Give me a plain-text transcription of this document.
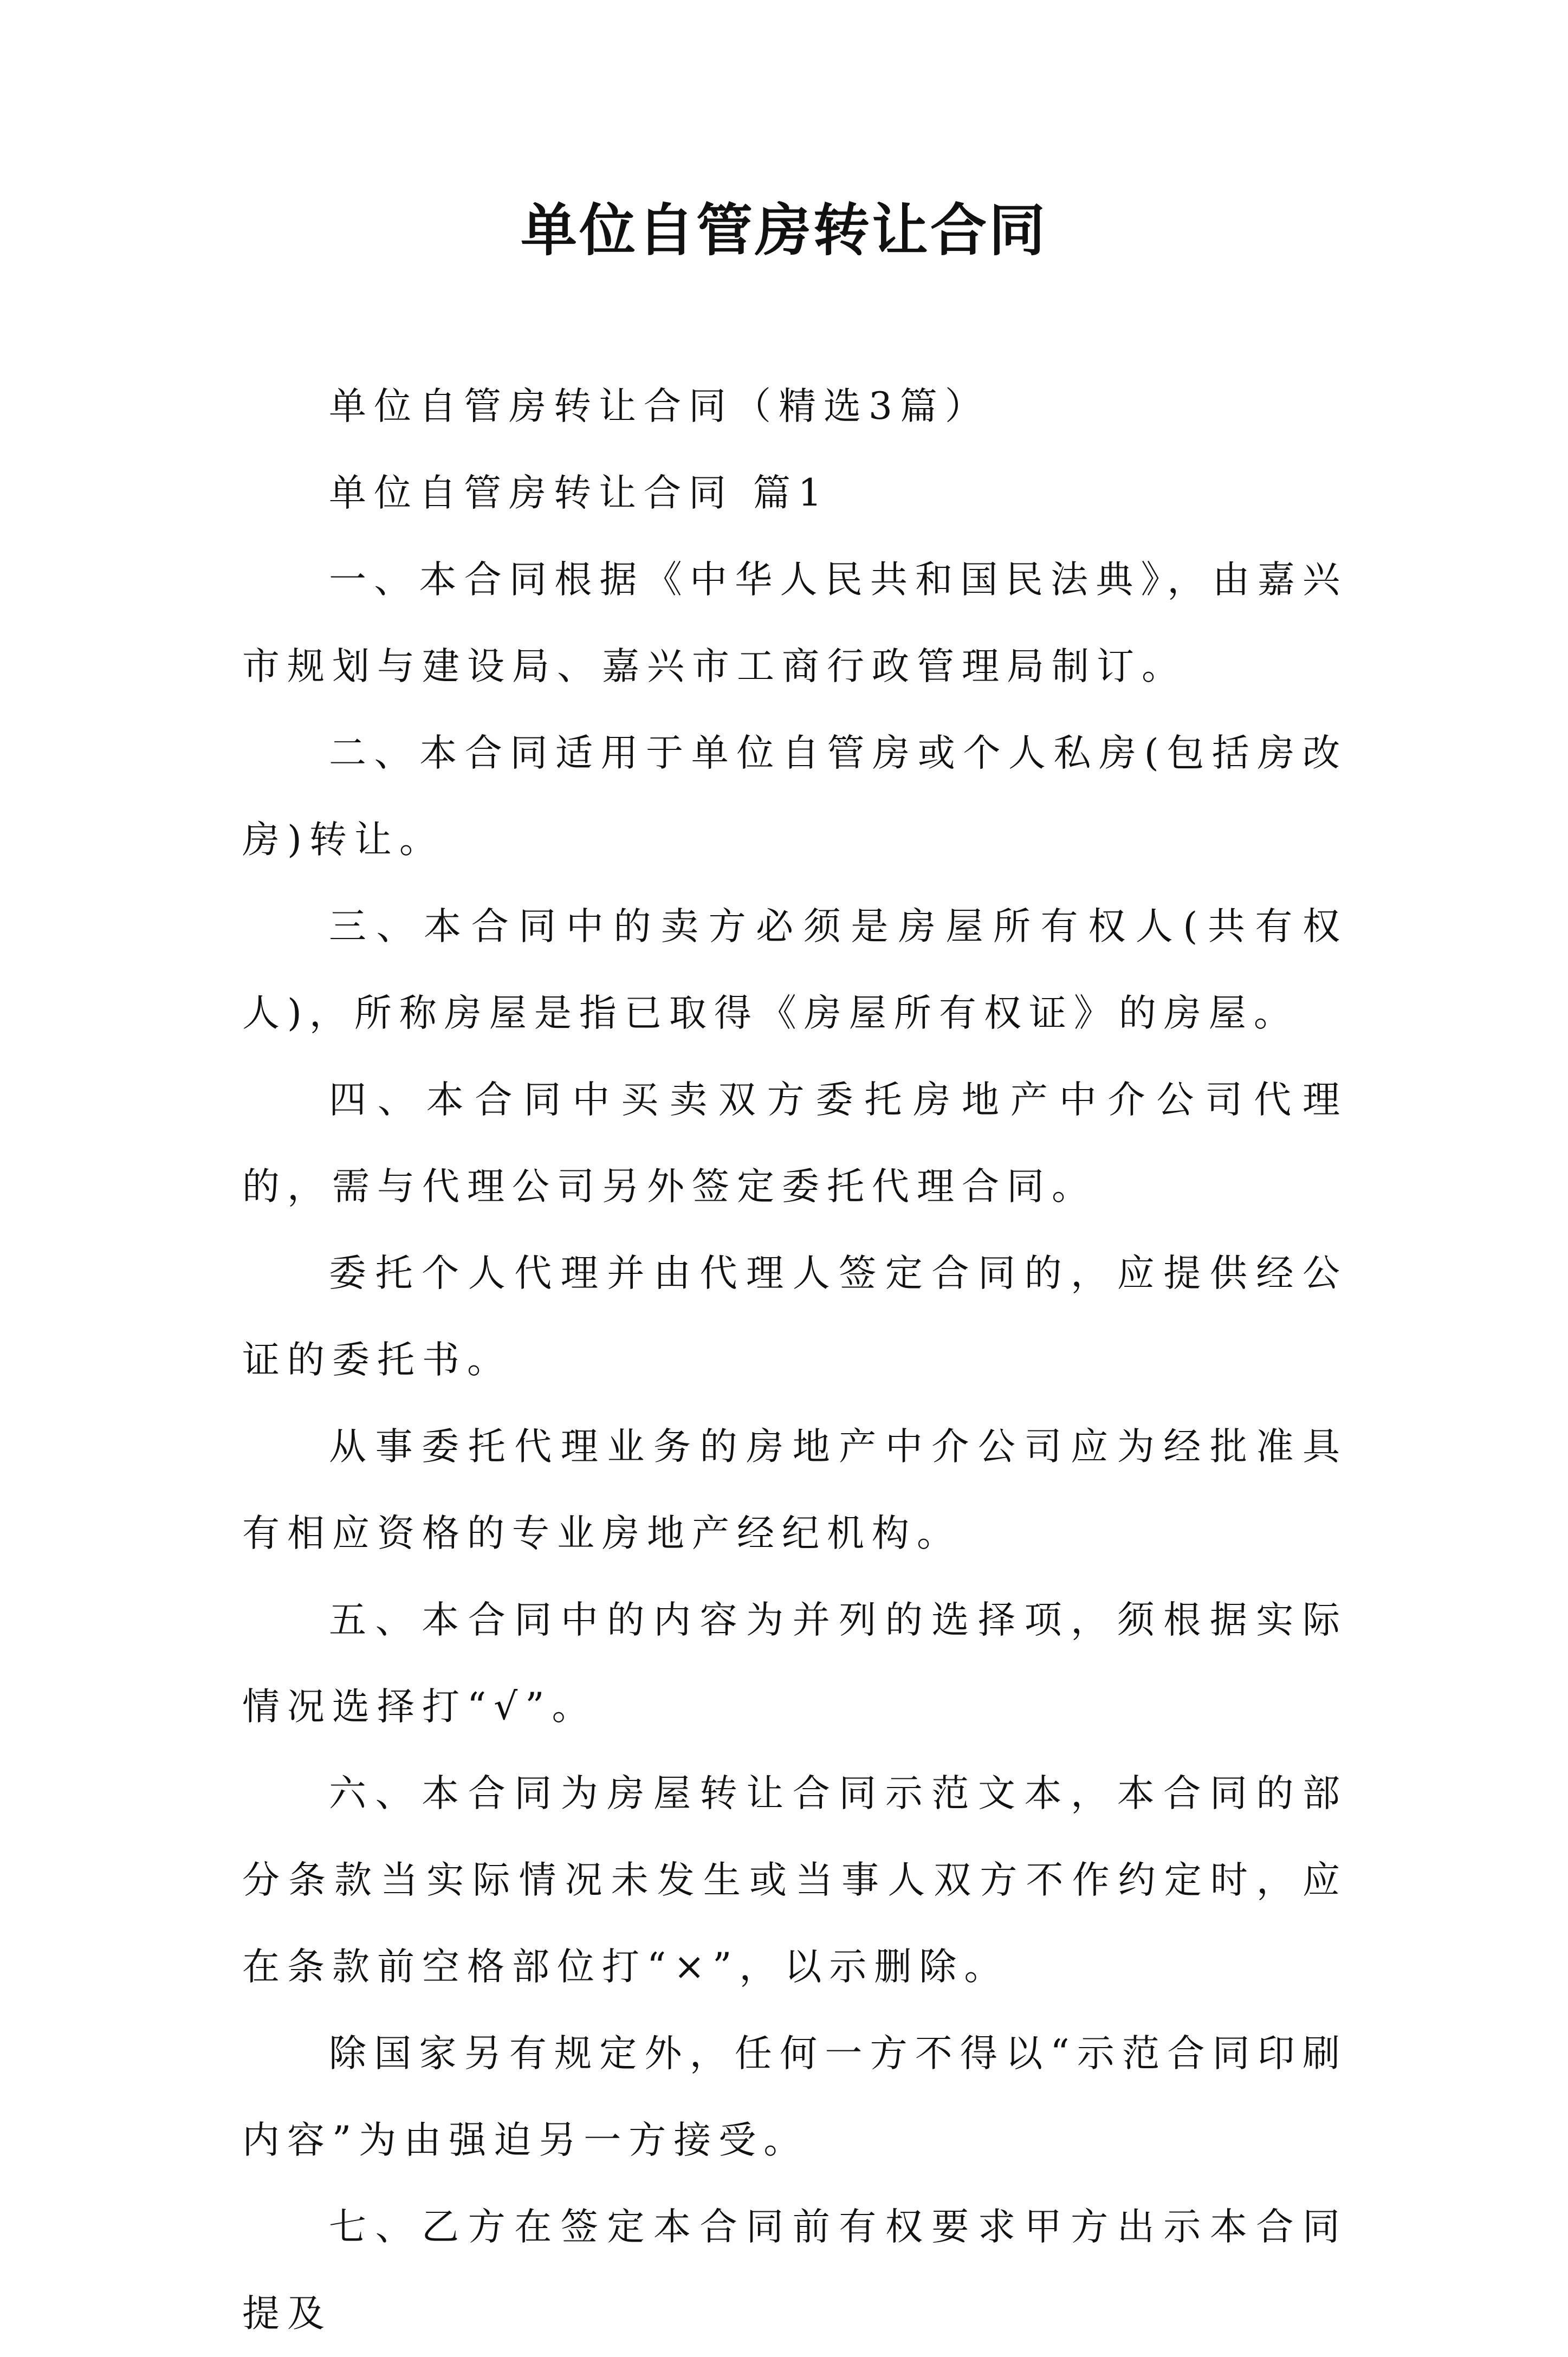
单位自管房转让合同

单位自管房转让合同（精选3篇）

单位自管房转让合同 篇1

一、本合同根据《中华人民共和国民法典》，由嘉兴市规划与建设局、嘉兴市工商行政管理局制订。

二、本合同适用于单位自管房或个人私房(包括房改房)转让。

三、本合同中的卖方必须是房屋所有权人(共有权人)，所称房屋是指已取得《房屋所有权证》的房屋。

四、本合同中买卖双方委托房地产中介公司代理的，需与代理公司另外签定委托代理合同。

委托个人代理并由代理人签定合同的，应提供经公证的委托书。

从事委托代理业务的房地产中介公司应为经批准具有相应资格的专业房地产经纪机构。

五、本合同中的内容为并列的选择项，须根据实际情况选择打“√”。

六、本合同为房屋转让合同示范文本，本合同的部分条款当实际情况未发生或当事人双方不作约定时，应在条款前空格部位打“×”，以示删除。

除国家另有规定外，任何一方不得以“示范合同印刷内容”为由强迫另一方接受。

七、乙方在签定本合同前有权要求甲方出示本合同提及
